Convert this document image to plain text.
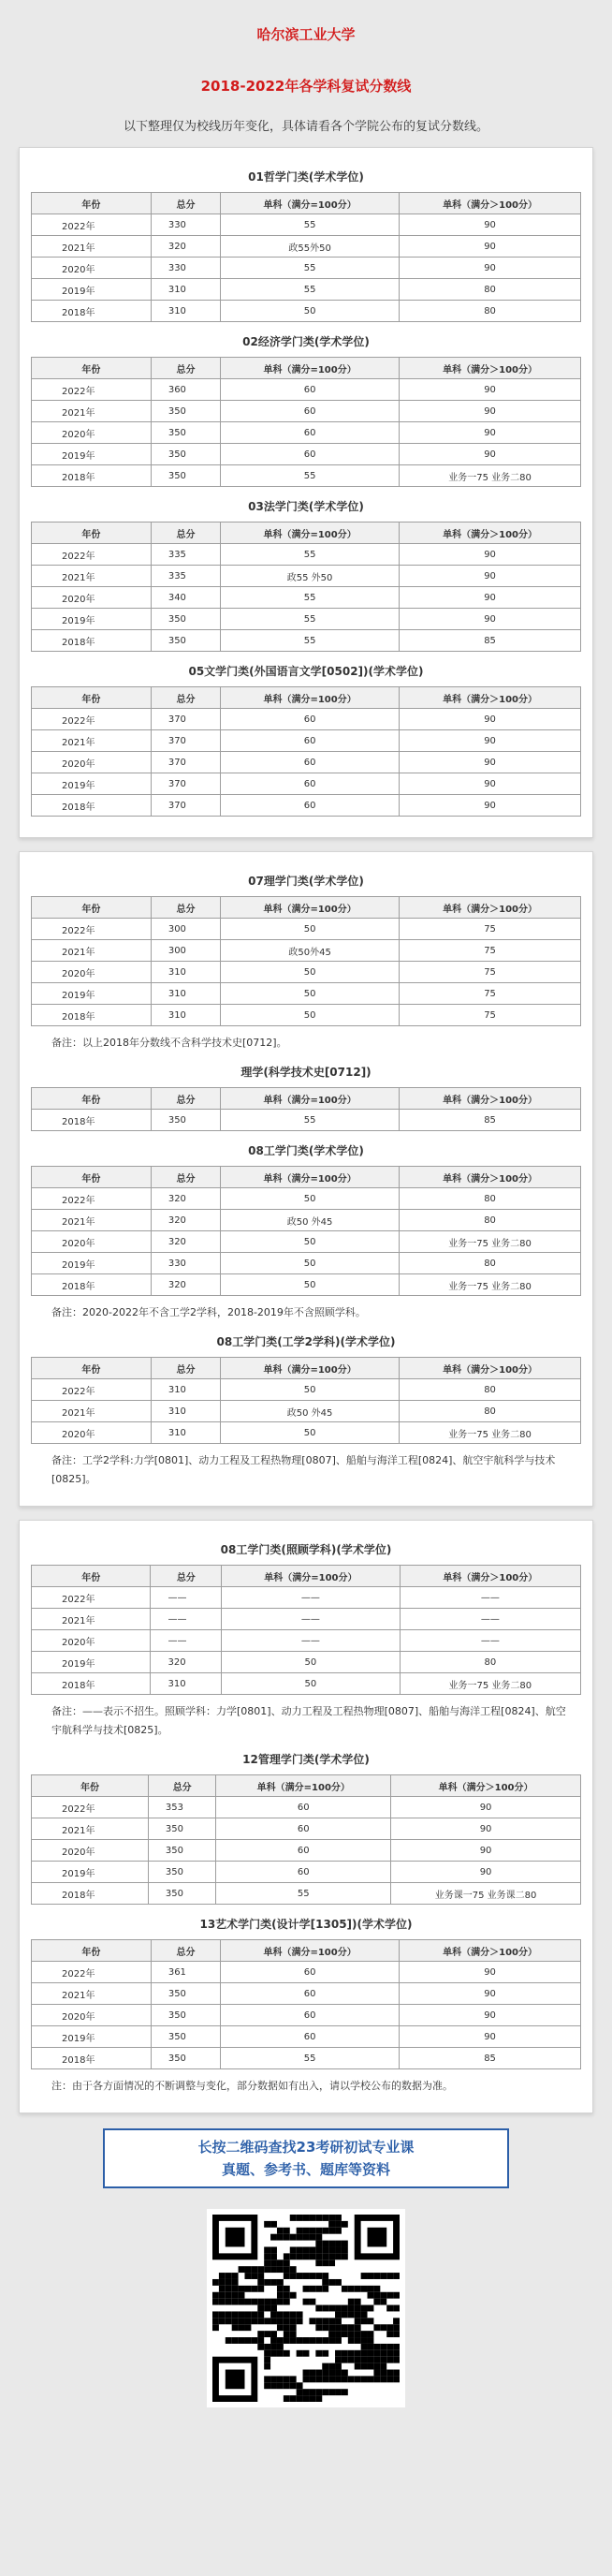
哈尔滨工业大学
2018-2022年各学科复试分数线
以下整理仅为校线历年变化，具体请看各个学院公布的复试分数线。
01哲学门类(学术学位)
年份	总分	单科（满分=100分）	单科（满分＞100分）
2022年	330	55	90
2021年	320	政55外50	90
2020年	330	55	90
2019年	310	55	80
2018年	310	50	80
02经济学门类(学术学位)
年份	总分	单科（满分=100分）	单科（满分＞100分）
2022年	360	60	90
2021年	350	60	90
2020年	350	60	90
2019年	350	60	90
2018年	350	55	业务一75 业务二80
03法学门类(学术学位)
年份	总分	单科（满分=100分）	单科（满分＞100分）
2022年	335	55	90
2021年	335	政55 外50	90
2020年	340	55	90
2019年	350	55	90
2018年	350	55	85
05文学门类(外国语言文学[0502])(学术学位)
年份	总分	单科（满分=100分）	单科（满分＞100分）
2022年	370	60	90
2021年	370	60	90
2020年	370	60	90
2019年	370	60	90
2018年	370	60	90
07理学门类(学术学位)
年份	总分	单科（满分=100分）	单科（满分＞100分）
2022年	300	50	75
2021年	300	政50外45	75
2020年	310	50	75
2019年	310	50	75
2018年	310	50	75
备注：以上2018年分数线不含科学技术史[0712]。
理学(科学技术史[0712])
年份	总分	单科（满分=100分）	单科（满分＞100分）
2018年	350	55	85
08工学门类(学术学位)
年份	总分	单科（满分=100分）	单科（满分＞100分）
2022年	320	50	80
2021年	320	政50 外45	80
2020年	320	50	业务一75 业务二80
2019年	330	50	80
2018年	320	50	业务一75 业务二80
备注：2020-2022年不含工学2学科，2018-2019年不含照顾学科。
08工学门类(工学2学科)(学术学位)
年份	总分	单科（满分=100分）	单科（满分＞100分）
2022年	310	50	80
2021年	310	政50 外45	80
2020年	310	50	业务一75 业务二80
备注：工学2学科:力学[0801]、动力工程及工程热物理[0807]、船舶与海洋工程[0824]、航空宇航科学与技术[0825]。
08工学门类(照顾学科)(学术学位)
年份	总分	单科（满分=100分）	单科（满分＞100分）
2022年	——	——	——
2021年	——	——	——
2020年	——	——	——
2019年	320	50	80
2018年	310	50	业务一75 业务二80
备注：——表示不招生。照顾学科：力学[0801]、动力工程及工程热物理[0807]、船舶与海洋工程[0824]、航空宇航科学与技术[0825]。
12管理学门类(学术学位)
年份	总分	单科（满分=100分）	单科（满分＞100分）
2022年	353	60	90
2021年	350	60	90
2020年	350	60	90
2019年	350	60	90
2018年	350	55	业务课一75 业务课二80
13艺术学门类(设计学[1305])(学术学位)
年份	总分	单科（满分=100分）	单科（满分＞100分）
2022年	361	60	90
2021年	350	60	90
2020年	350	60	90
2019年	350	60	90
2018年	350	55	85
注：由于各方面情况的不断调整与变化，部分数据如有出入，请以学校公布的数据为准。
长按二维码查找23考研初试专业课
真题、参考书、题库等资料
